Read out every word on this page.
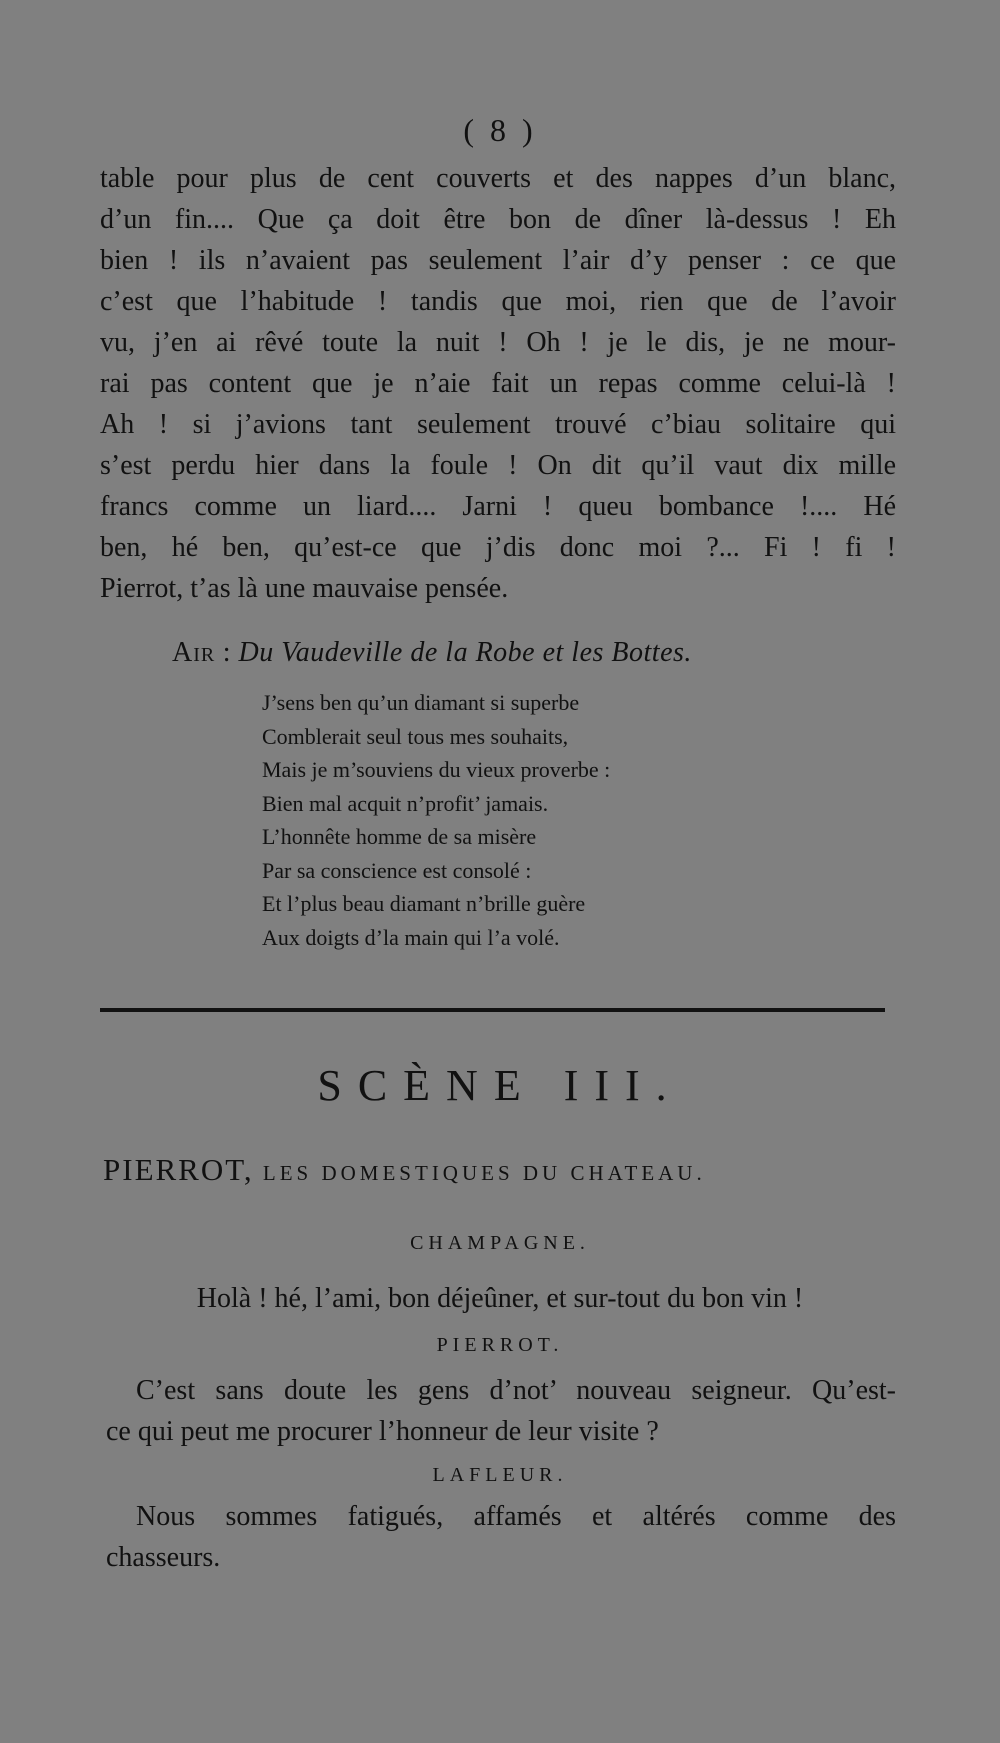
( 8 )
table pour plus de cent couverts et des nappes d’un blanc,
d’un fin.... Que ça doit être bon de dîner là-dessus ! Eh
bien ! ils n’avaient pas seulement l’air d’y penser : ce que
c’est que l’habitude ! tandis que moi, rien que de l’avoir
vu, j’en ai rêvé toute la nuit ! Oh ! je le dis, je ne mour-
rai pas content que je n’aie fait un repas comme celui-là !
Ah ! si j’avions tant seulement trouvé c’biau solitaire qui
s’est perdu hier dans la foule ! On dit qu’il vaut dix mille
francs comme un liard.... Jarni ! queu bombance !.... Hé
ben, hé ben, qu’est-ce que j’dis donc moi ?... Fi ! fi !
Pierrot, t’as là une mauvaise pensée.
Air : Du Vaudeville de la Robe et les Bottes.
J’sens ben qu’un diamant si superbe
Comblerait seul tous mes souhaits,
Mais je m’souviens du vieux proverbe :
Bien mal acquit n’profit’ jamais.
L’honnête homme de sa misère
Par sa conscience est consolé :
Et l’plus beau diamant n’brille guère
Aux doigts d’la main qui l’a volé.
SCÈNE III.
PIERROT, LES DOMESTIQUES DU CHATEAU.
CHAMPAGNE.
Holà ! hé, l’ami, bon déjeûner, et sur-tout du bon vin !
PIERROT.
C’est sans doute les gens d’not’ nouveau seigneur. Qu’est-
ce qui peut me procurer l’honneur de leur visite ?
LAFLEUR.
Nous sommes fatigués, affamés et altérés comme des
chasseurs.
